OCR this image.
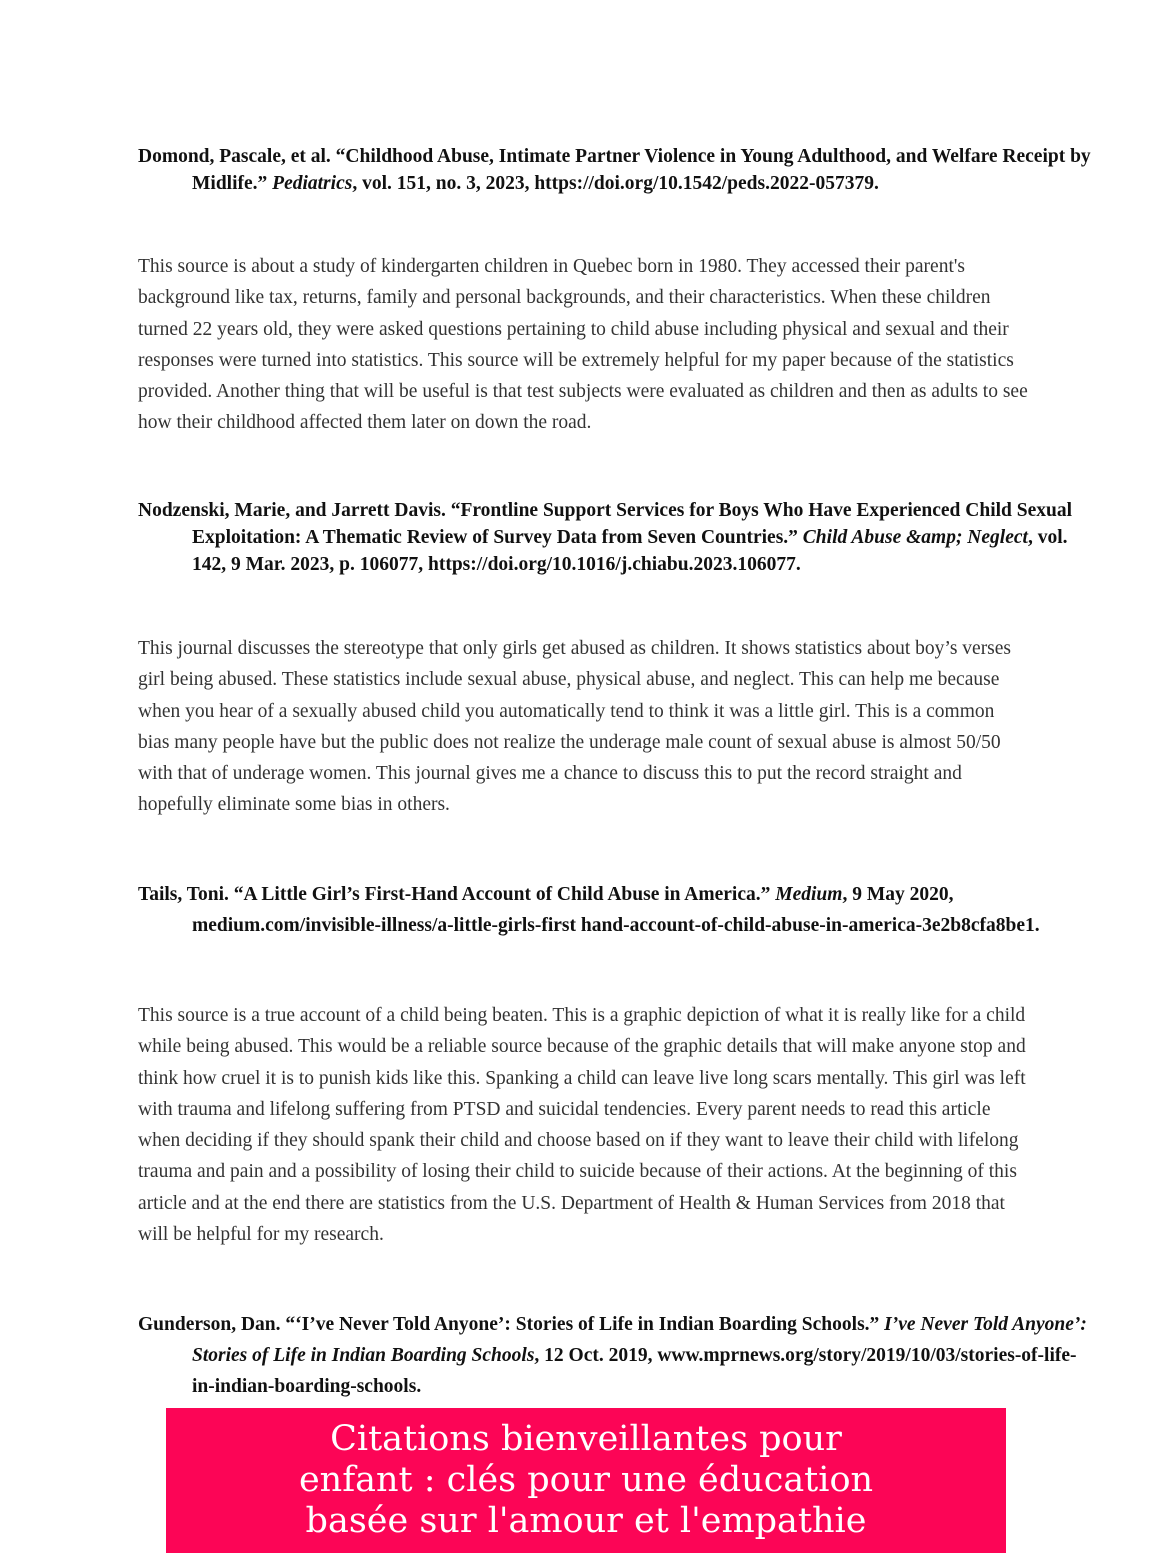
Domond, Pascale, et al. “Childhood Abuse, Intimate Partner Violence in Young Adulthood, and Welfare Receipt by Midlife.” Pediatrics, vol. 151, no. 3, 2023, https://doi.org/10.1542/peds.2022-057379.

This source is about a study of kindergarten children in Quebec born in 1980. They accessed their parent's background like tax, returns, family and personal backgrounds, and their characteristics. When these children turned 22 years old, they were asked questions pertaining to child abuse including physical and sexual and their responses were turned into statistics. This source will be extremely helpful for my paper because of the statistics provided. Another thing that will be useful is that test subjects were evaluated as children and then as adults to see how their childhood affected them later on down the road.

Nodzenski, Marie, and Jarrett Davis. “Frontline Support Services for Boys Who Have Experienced Child Sexual Exploitation: A Thematic Review of Survey Data from Seven Countries.” Child Abuse &amp; Neglect, vol. 142, 9 Mar. 2023, p. 106077, https://doi.org/10.1016/j.chiabu.2023.106077.

This journal discusses the stereotype that only girls get abused as children. It shows statistics about boy’s verses girl being abused. These statistics include sexual abuse, physical abuse, and neglect. This can help me because when you hear of a sexually abused child you automatically tend to think it was a little girl. This is a common bias many people have but the public does not realize the underage male count of sexual abuse is almost 50/50 with that of underage women. This journal gives me a chance to discuss this to put the record straight and hopefully eliminate some bias in others.

Tails, Toni. “A Little Girl’s First-Hand Account of Child Abuse in America.” Medium, 9 May 2020, medium.com/invisible-illness/a-little-girls-first hand-account-of-child-abuse-in-america-3e2b8cfa8be1.

This source is a true account of a child being beaten. This is a graphic depiction of what it is really like for a child while being abused. This would be a reliable source because of the graphic details that will make anyone stop and think how cruel it is to punish kids like this. Spanking a child can leave live long scars mentally. This girl was left with trauma and lifelong suffering from PTSD and suicidal tendencies. Every parent needs to read this article when deciding if they should spank their child and choose based on if they want to leave their child with lifelong trauma and pain and a possibility of losing their child to suicide because of their actions. At the beginning of this article and at the end there are statistics from the U.S. Department of Health & Human Services from 2018 that will be helpful for my research.

Gunderson, Dan. “‘I’ve Never Told Anyone’: Stories of Life in Indian Boarding Schools.” I’ve Never Told Anyone’: Stories of Life in Indian Boarding Schools, 12 Oct. 2019, www.mprnews.org/story/2019/10/03/stories-of-life-in-indian-boarding-schools.

Citations bienveillantes pour enfant : clés pour une éducation basée sur l'amour et l'empathie
